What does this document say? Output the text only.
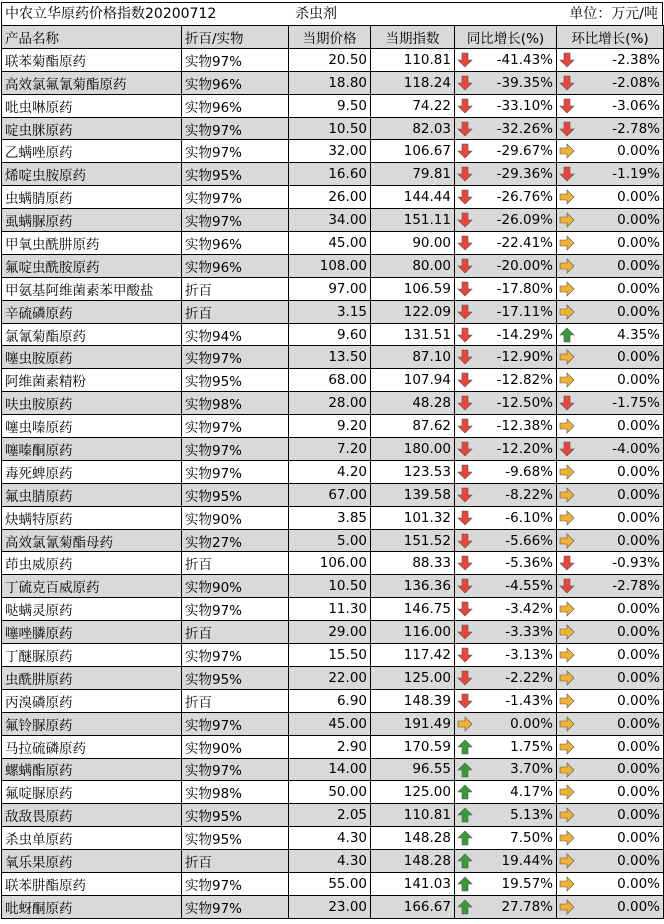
中农立华原药价格指数20200712	杀虫剂	单位：万元/吨
产品名称	折百/实物	当期价格	当期指数	同比增长(%)	环比增长(%)
联苯菊酯原药	实物97%	20.50	110.81	-41.43%	-2.38%
高效氯氟氰菊酯原药	实物96%	18.80	118.24	-39.35%	-2.08%
吡虫啉原药	实物96%	9.50	74.22	-33.10%	-3.06%
啶虫脒原药	实物97%	10.50	82.03	-32.26%	-2.78%
乙螨唑原药	实物97%	32.00	106.67	-29.67%	0.00%
烯啶虫胺原药	实物95%	16.60	79.81	-29.36%	-1.19%
虫螨腈原药	实物97%	26.00	144.44	-26.76%	0.00%
虱螨脲原药	实物97%	34.00	151.11	-26.09%	0.00%
甲氧虫酰肼原药	实物96%	45.00	90.00	-22.41%	0.00%
氟啶虫酰胺原药	实物96%	108.00	80.00	-20.00%	0.00%
甲氨基阿维菌素苯甲酸盐	折百	97.00	106.59	-17.80%	0.00%
辛硫磷原药	折百	3.15	122.09	-17.11%	0.00%
氯氰菊酯原药	实物94%	9.60	131.51	-14.29%	4.35%
噻虫胺原药	实物97%	13.50	87.10	-12.90%	0.00%
阿维菌素精粉	实物95%	68.00	107.94	-12.82%	0.00%
呋虫胺原药	实物98%	28.00	48.28	-12.50%	-1.75%
噻虫嗪原药	实物97%	9.20	87.62	-12.38%	0.00%
噻嗪酮原药	实物97%	7.20	180.00	-12.20%	-4.00%
毒死蜱原药	实物97%	4.20	123.53	-9.68%	0.00%
氟虫腈原药	实物95%	67.00	139.58	-8.22%	0.00%
炔螨特原药	实物90%	3.85	101.32	-6.10%	0.00%
高效氯氰菊酯母药	实物27%	5.00	151.52	-5.66%	0.00%
茚虫威原药	折百	106.00	88.33	-5.36%	-0.93%
丁硫克百威原药	实物90%	10.50	136.36	-4.55%	-2.78%
哒螨灵原药	实物97%	11.30	146.75	-3.42%	0.00%
噻唑膦原药	折百	29.00	116.00	-3.33%	0.00%
丁醚脲原药	实物97%	15.50	117.42	-3.13%	0.00%
虫酰肼原药	实物95%	22.00	125.00	-2.22%	0.00%
丙溴磷原药	折百	6.90	148.39	-1.43%	0.00%
氟铃脲原药	实物97%	45.00	191.49	0.00%	0.00%
马拉硫磷原药	实物90%	2.90	170.59	1.75%	0.00%
螺螨酯原药	实物97%	14.00	96.55	3.70%	0.00%
氟啶脲原药	实物98%	50.00	125.00	4.17%	0.00%
敌敌畏原药	实物95%	2.05	110.81	5.13%	0.00%
杀虫单原药	实物95%	4.30	148.28	7.50%	0.00%
氧乐果原药	折百	4.30	148.28	19.44%	0.00%
联苯肼酯原药	实物97%	55.00	141.03	19.57%	0.00%
吡蚜酮原药	实物97%	23.00	166.67	27.78%	0.00%
